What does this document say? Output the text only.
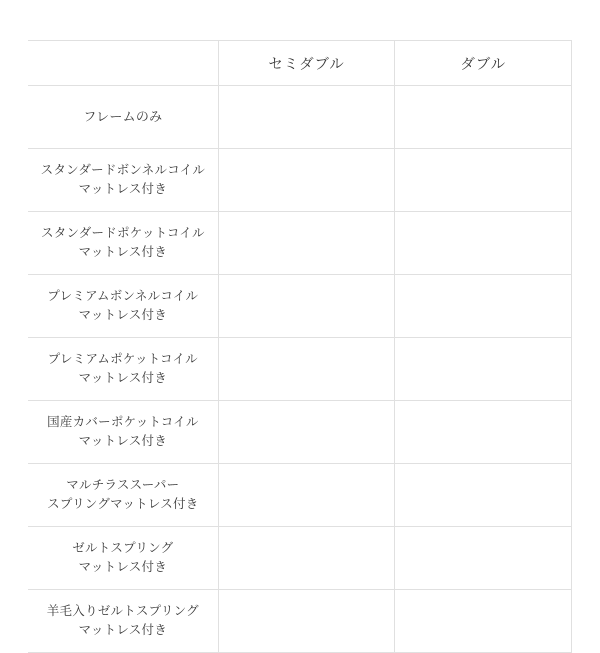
	セミダブル	ダブル

フレームのみ		

スタンダードボンネルコイル
マットレス付き		

スタンダードポケットコイル
マットレス付き		

プレミアムボンネルコイル
マットレス付き		

プレミアムポケットコイル
マットレス付き		

国産カバーポケットコイル
マットレス付き		

マルチラススーパー
スプリングマットレス付き		

ゼルトスプリング
マットレス付き		

羊毛入りゼルトスプリング
マットレス付き		
